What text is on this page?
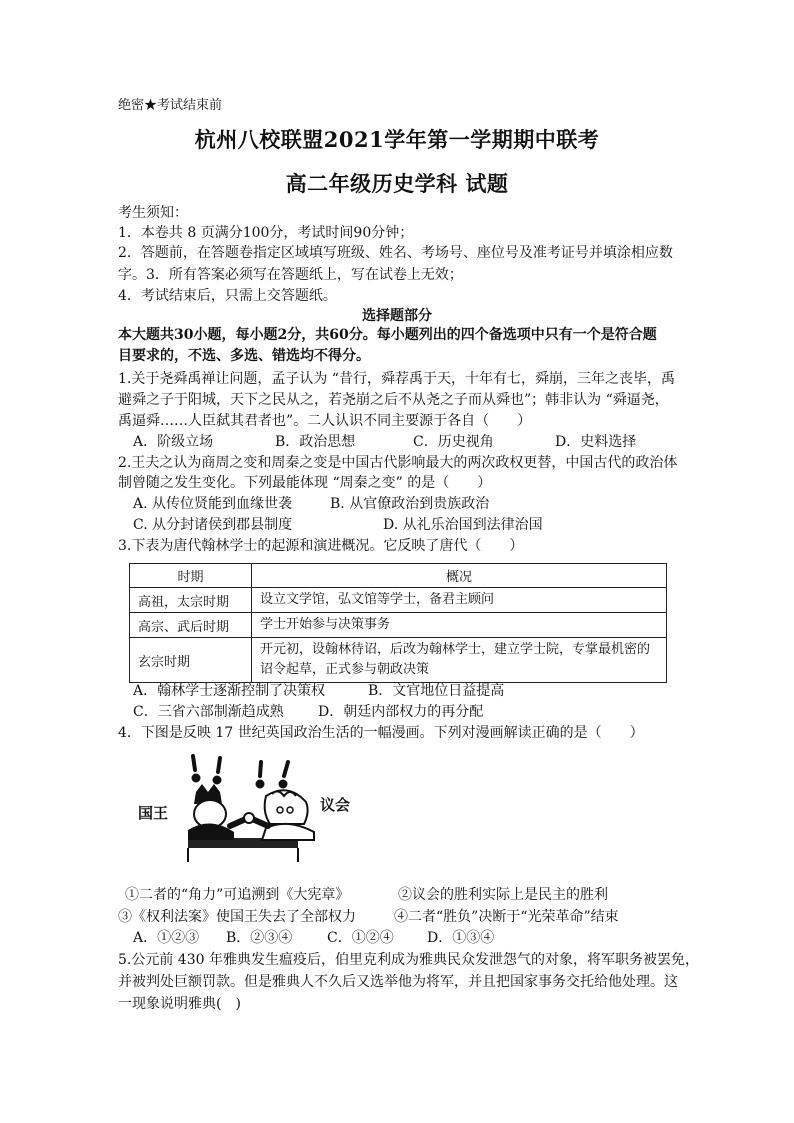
绝密★考试结束前
杭州八校联盟2021学年第一学期期中联考
高二年级历史学科 试题
考生须知：
1．本卷共 8 页满分100分，考试时间90分钟；
2．答题前，在答题卷指定区域填写班级、姓名、考场号、座位号及准考证号并填涂相应数
字。3．所有答案必须写在答题纸上，写在试卷上无效；
4．考试结束后，只需上交答题纸。
选择题部分
本大题共30小题，每小题2分，共60分。每小题列出的四个备选项中只有一个是符合题
目要求的，不选、多选、错选均不得分。
1.关于尧舜禹禅让问题，孟子认为 “昔行，舜荐禹于天，十年有七，舜崩，三年之丧毕，禹
避舜之子于阳城，天下之民从之，若尧崩之后不从尧之子而从舜也”；韩非认为 “舜逼尧，
禹逼舜……人臣弑其君者也”。二人认识不同主要源于各自（　　）
A．阶级立场	B．政治思想	C．历史视角	D．史料选择
2.王夫之认为商周之变和周秦之变是中国古代影响最大的两次政权更替，中国古代的政治体
制曾随之发生变化。下列最能体现 “周秦之变” 的是（　　）
A. 从传位贤能到血缘世袭	B. 从官僚政治到贵族政治
C. 从分封诸侯到郡县制度	D. 从礼乐治国到法律治国
3.下表为唐代翰林学士的起源和演进概况。它反映了唐代（　　）
时期	概况
高祖，太宗时期	设立文学馆，弘文馆等学士，备君主顾问
高宗、武后时期	学士开始参与决策事务
玄宗时期	开元初，设翰林待诏，后改为翰林学士，建立学士院，专掌最机密的诏令起草，正式参与朝政决策
A．翰林学士逐渐控制了决策权	B．文官地位日益提高
C．三省六部制渐趋成熟 D．朝廷内部权力的再分配
4．下图是反映 17 世纪英国政治生活的一幅漫画。下列对漫画解读正确的是（　　）
国王	议会
①二者的“角力”可追溯到《大宪章》	②议会的胜利实际上是民主的胜利
③《权利法案》使国王失去了全部权力	④二者“胜负”决断于“光荣革命”结束
A．①②③ B．②③④ C．①②④ D．①③④
5.公元前 430 年雅典发生瘟疫后，伯里克利成为雅典民众发泄怨气的对象，将军职务被罢免，
并被判处巨额罚款。但是雅典人不久后又选举他为将军，并且把国家事务交托给他处理。这
一现象说明雅典(　)
